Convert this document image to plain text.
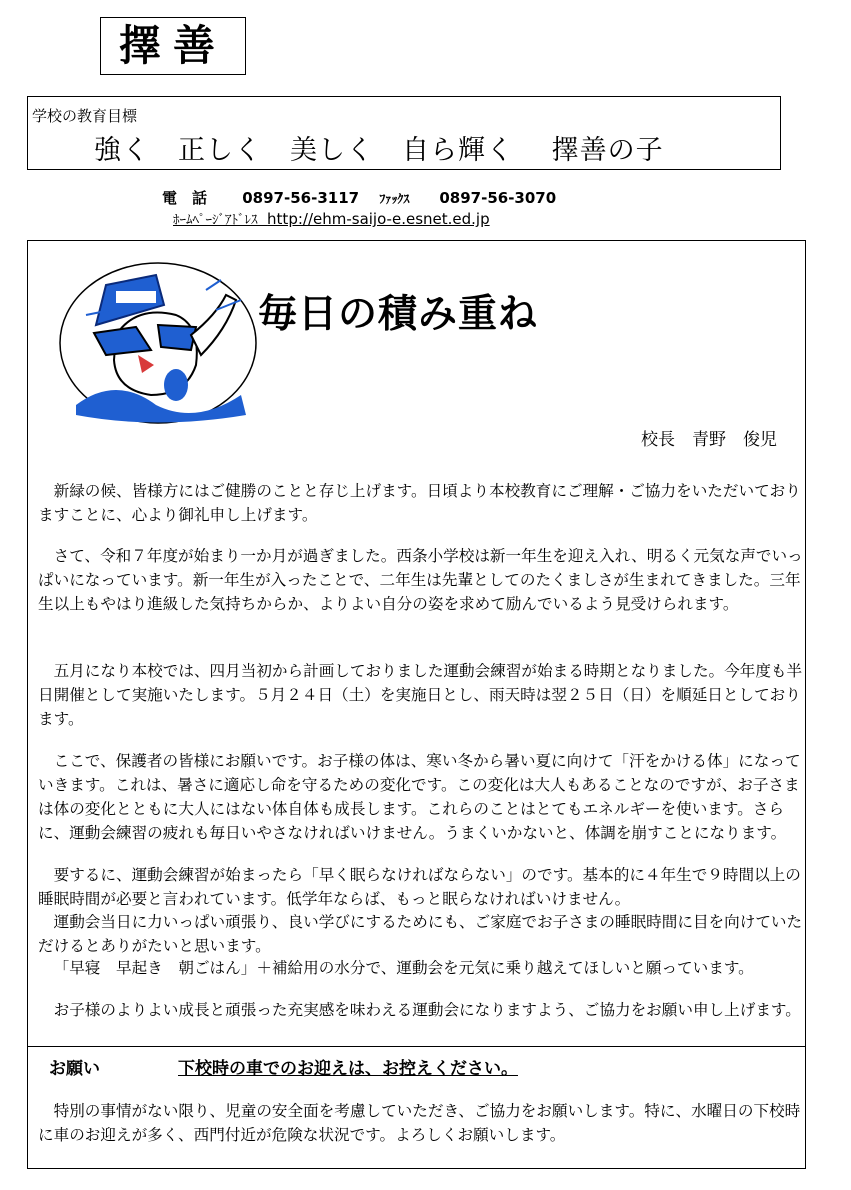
擇善
学校の教育目標
強く　正しく　美しく　自ら輝く　 擇善の子
電　話　　 0897-56-3117　 ﾌｧｯｸｽ　　 0897-56-3070
ﾎｰﾑﾍﾟｰｼﾞｱﾄﾞﾚｽ http://ehm-saijo-e.esnet.ed.jp
毎日の積み重ね
校長　青野　俊児

新緑の候、皆様方にはご健勝のことと存じ上げます。日頃より本校教育にご理解・ご協力をいただいておりますことに、心より御礼申し上げます。

さて、令和７年度が始まり一か月が過ぎました。西条小学校は新一年生を迎え入れ、明るく元気な声でいっぱいになっています。新一年生が入ったことで、二年生は先輩としてのたくましさが生まれてきました。三年生以上もやはり進級した気持ちからか、よりよい自分の姿を求めて励んでいるよう見受けられます。

五月になり本校では、四月当初から計画しておりました運動会練習が始まる時期となりました。今年度も半日開催として実施いたします。５月２４日（土）を実施日とし、雨天時は翌２５日（日）を順延日としております。

ここで、保護者の皆様にお願いです。お子様の体は、寒い冬から暑い夏に向けて「汗をかける体」になっていきます。これは、暑さに適応し命を守るための変化です。この変化は大人もあることなのですが、お子さまは体の変化とともに大人にはない体自体も成長します。これらのことはとてもエネルギーを使います。さらに、運動会練習の疲れも毎日いやさなければいけません。うまくいかないと、体調を崩すことになります。

要するに、運動会練習が始まったら「早く眠らなければならない」のです。基本的に４年生で９時間以上の睡眠時間が必要と言われています。低学年ならば、もっと眠らなければいけません。

運動会当日に力いっぱい頑張り、良い学びにするためにも、ご家庭でお子さまの睡眠時間に目を向けていただけるとありがたいと思います。

「早寝　早起き　朝ごはん」＋補給用の水分で、運動会を元気に乗り越えてほしいと願っています。

お子様のよりよい成長と頑張った充実感を味わえる運動会になりますよう、ご協力をお願い申し上げます。

お願い	下校時の車でのお迎えは、お控えください。

特別の事情がない限り、児童の安全面を考慮していただき、ご協力をお願いします。特に、水曜日の下校時に車のお迎えが多く、西門付近が危険な状況です。よろしくお願いします。
